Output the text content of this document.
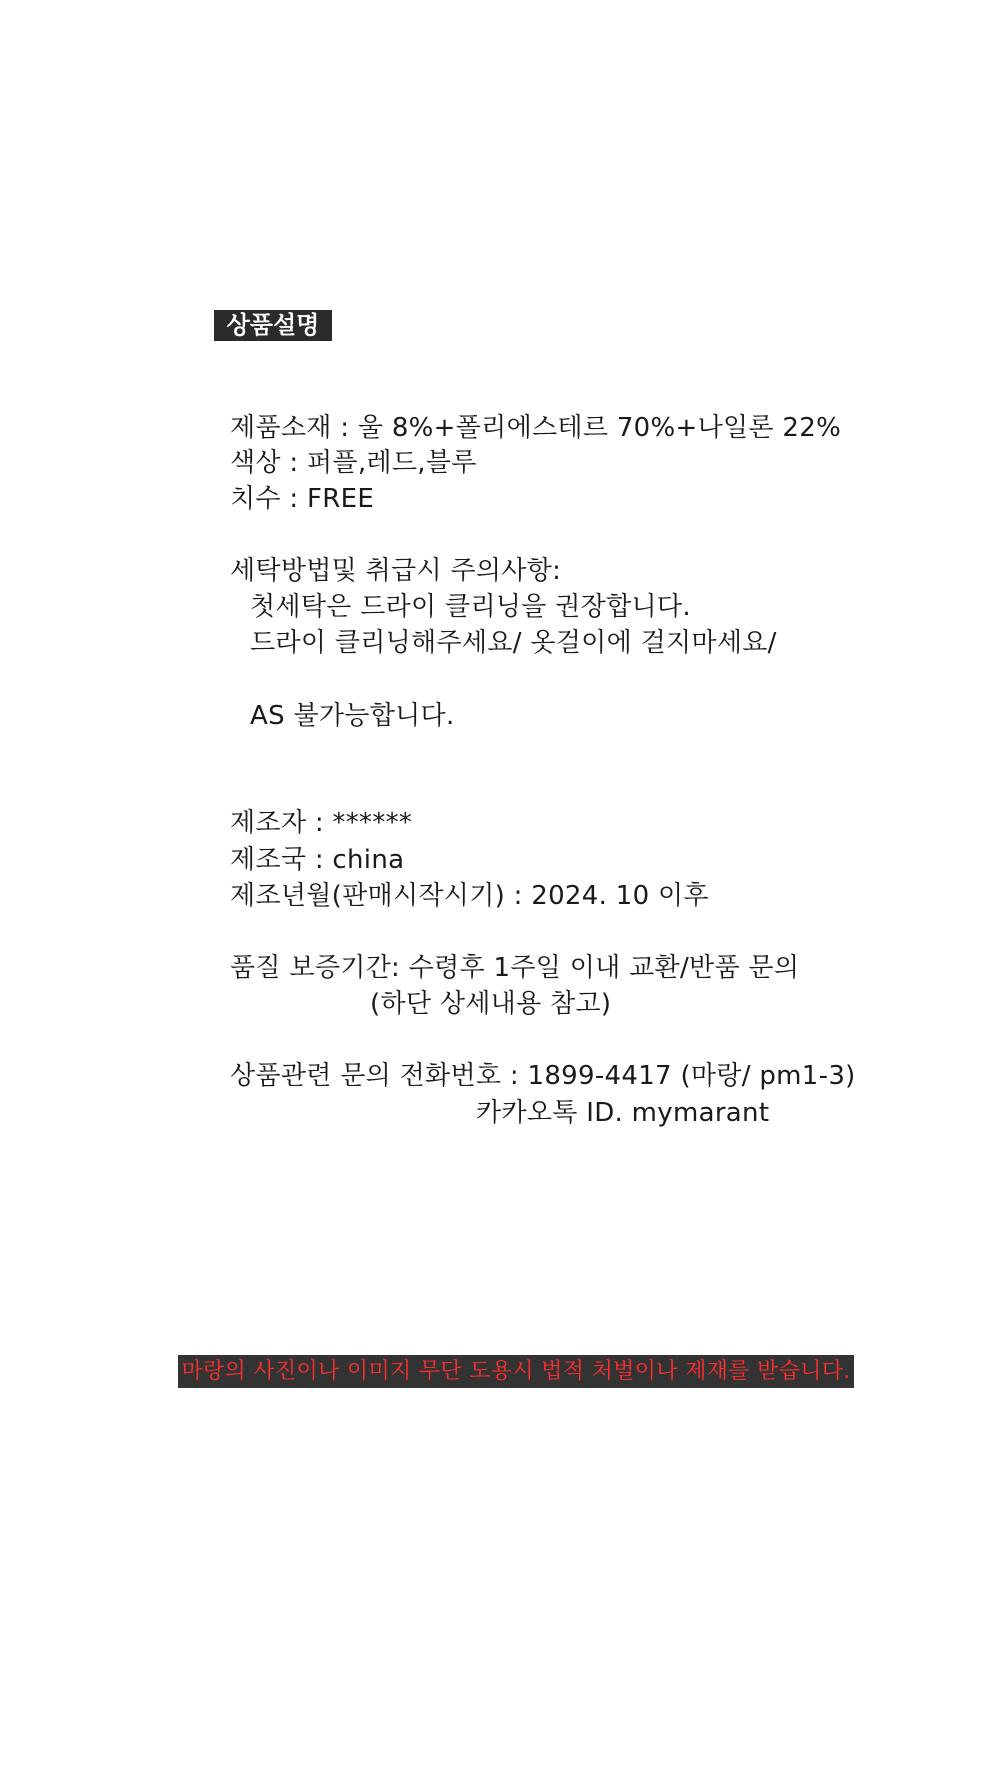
상품설명
제품소재 : 울 8%+폴리에스테르 70%+나일론 22%
색상 : 퍼플,레드,블루
치수 : FREE
세탁방법및 취급시 주의사항:
첫세탁은 드라이 클리닝을 권장합니다.
드라이 클리닝해주세요/ 옷걸이에 걸지마세요/
AS 불가능합니다.
제조자 : ******
제조국 : china
제조년월(판매시작시기) : 2024. 10 이후
품질 보증기간: 수령후 1주일 이내 교환/반품 문의
(하단 상세내용 참고)
상품관련 문의 전화번호 : 1899-4417 (마랑/ pm1-3)
카카오톡 ID. mymarant
마랑의 사진이나 이미지 무단 도용시 법적 처벌이나 제재를 받습니다.
